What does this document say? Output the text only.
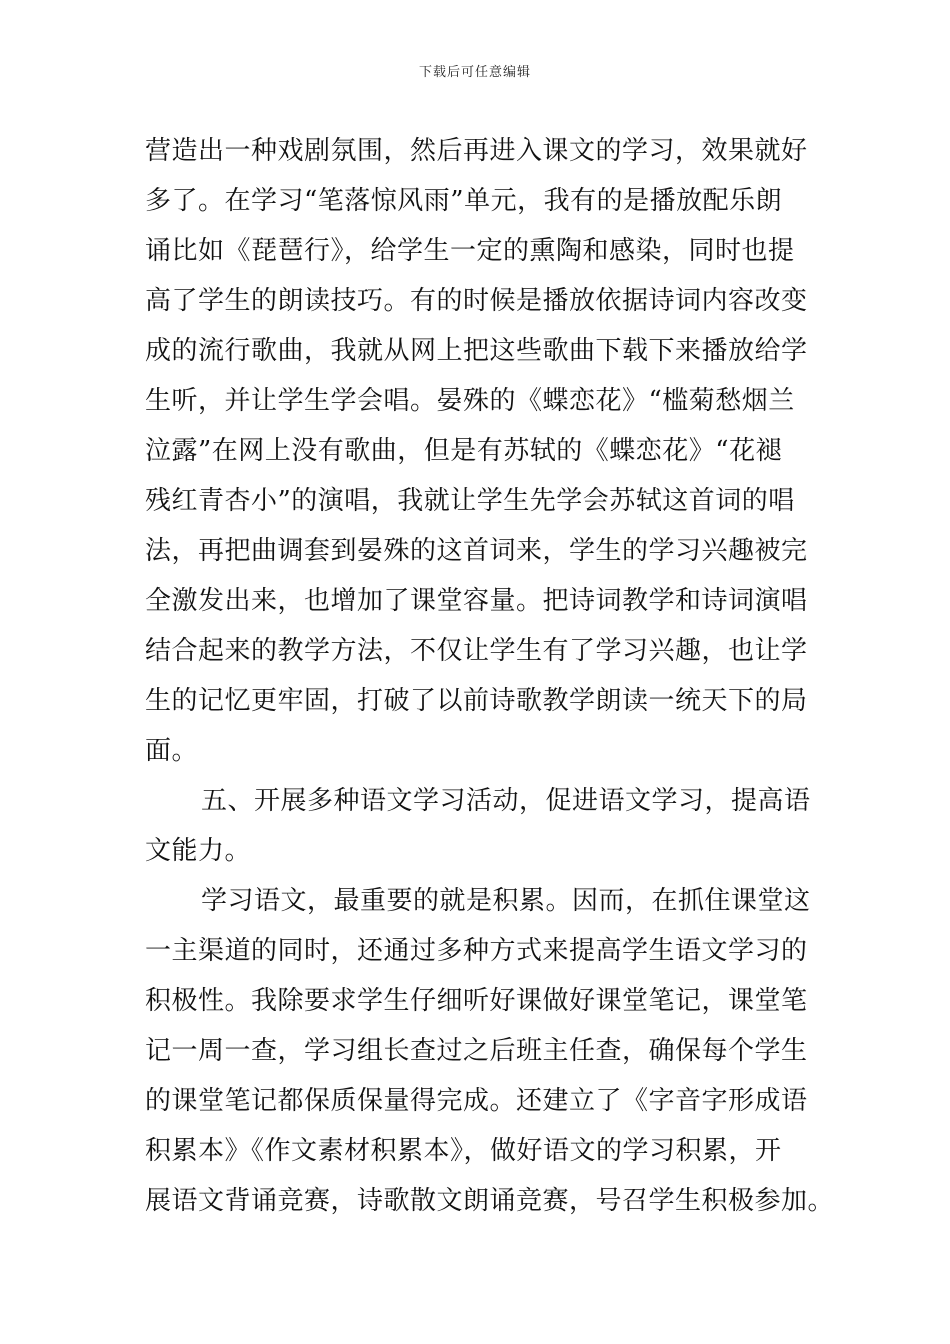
下载后可任意编辑
营造出一种戏剧氛围，然后再进入课文的学习，效果就好
多了。在学习“笔落惊风雨”单元，我有的是播放配乐朗
诵比如《琵琶行》，给学生一定的熏陶和感染，同时也提
高了学生的朗读技巧。有的时候是播放依据诗词内容改变
成的流行歌曲，我就从网上把这些歌曲下载下来播放给学
生听，并让学生学会唱。晏殊的《蝶恋花》“槛菊愁烟兰
泣露”在网上没有歌曲，但是有苏轼的《蝶恋花》“花褪
残红青杏小”的演唱，我就让学生先学会苏轼这首词的唱
法，再把曲调套到晏殊的这首词来，学生的学习兴趣被完
全激发出来，也增加了课堂容量。把诗词教学和诗词演唱
结合起来的教学方法，不仅让学生有了学习兴趣，也让学
生的记忆更牢固，打破了以前诗歌教学朗读一统天下的局
面。
五、开展多种语文学习活动，促进语文学习，提高语
文能力。
学习语文，最重要的就是积累。因而，在抓住课堂这
一主渠道的同时，还通过多种方式来提高学生语文学习的
积极性。我除要求学生仔细听好课做好课堂笔记，课堂笔
记一周一查，学习组长查过之后班主任查，确保每个学生
的课堂笔记都保质保量得完成。还建立了《字音字形成语
积累本》《作文素材积累本》，做好语文的学习积累，开
展语文背诵竞赛，诗歌散文朗诵竞赛，号召学生积极参加。
